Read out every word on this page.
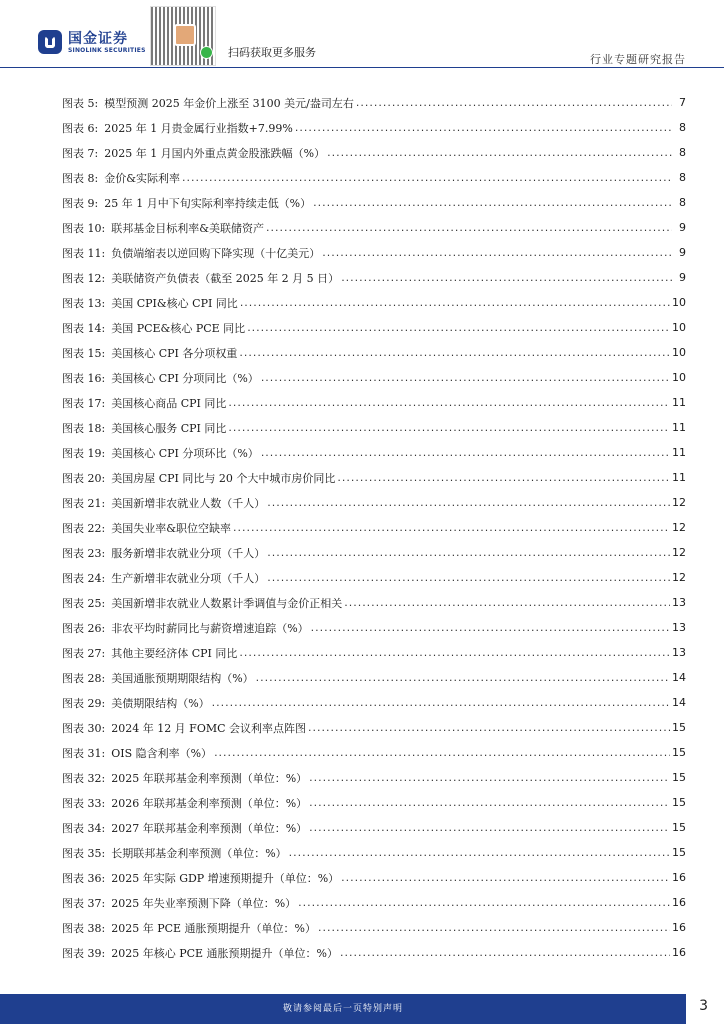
国金证券
SINOLINK SECURITIES	扫码获取更多服务
行业专题研究报告
图表 5: 模型预测 2025 年金价上涨至 3100 美元/盎司左右 .....	7
图表 6: 2025 年 1 月贵金属行业指数+7.99% .....	8
图表 7: 2025 年 1 月国内外重点黄金股涨跌幅（%） .....	8
图表 8: 金价&实际利率 .....	8
图表 9: 25 年 1 月中下旬实际利率持续走低（%） .....	8
图表 10: 联邦基金目标利率&美联储资产 .....	9
图表 11: 负债端缩表以逆回购下降实现（十亿美元） .....	9
图表 12: 美联储资产负债表（截至 2025 年 2 月 5 日） .....	9
图表 13: 美国 CPI&核心 CPI 同比 .....	10
图表 14: 美国 PCE&核心 PCE 同比 .....	10
图表 15: 美国核心 CPI 各分项权重 .....	10
图表 16: 美国核心 CPI 分项同比（%） .....	10
图表 17: 美国核心商品 CPI 同比 .....	11
图表 18: 美国核心服务 CPI 同比 .....	11
图表 19: 美国核心 CPI 分项环比（%） .....	11
图表 20: 美国房屋 CPI 同比与 20 个大中城市房价同比 .....	11
图表 21: 美国新增非农就业人数（千人） .....	12
图表 22: 美国失业率&职位空缺率 .....	12
图表 23: 服务新增非农就业分项（千人） .....	12
图表 24: 生产新增非农就业分项（千人） .....	12
图表 25: 美国新增非农就业人数累计季调值与金价正相关 .....	13
图表 26: 非农平均时薪同比与薪资增速追踪（%） .....	13
图表 27: 其他主要经济体 CPI 同比 .....	13
图表 28: 美国通胀预期期限结构（%） .....	14
图表 29: 美债期限结构（%） .....	14
图表 30: 2024 年 12 月 FOMC 会议利率点阵图 .....	15
图表 31: OIS 隐含利率（%） .....	15
图表 32: 2025 年联邦基金利率预测（单位：%） .....	15
图表 33: 2026 年联邦基金利率预测（单位：%） .....	15
图表 34: 2027 年联邦基金利率预测（单位：%） .....	15
图表 35: 长期联邦基金利率预测（单位：%） .....	15
图表 36: 2025 年实际 GDP 增速预期提升（单位：%） .....	16
图表 37: 2025 年失业率预测下降（单位：%） .....	16
图表 38: 2025 年 PCE 通胀预期提升（单位：%） .....	16
图表 39: 2025 年核心 PCE 通胀预期提升（单位：%） .....	16
敬请参阅最后一页特别声明	3
